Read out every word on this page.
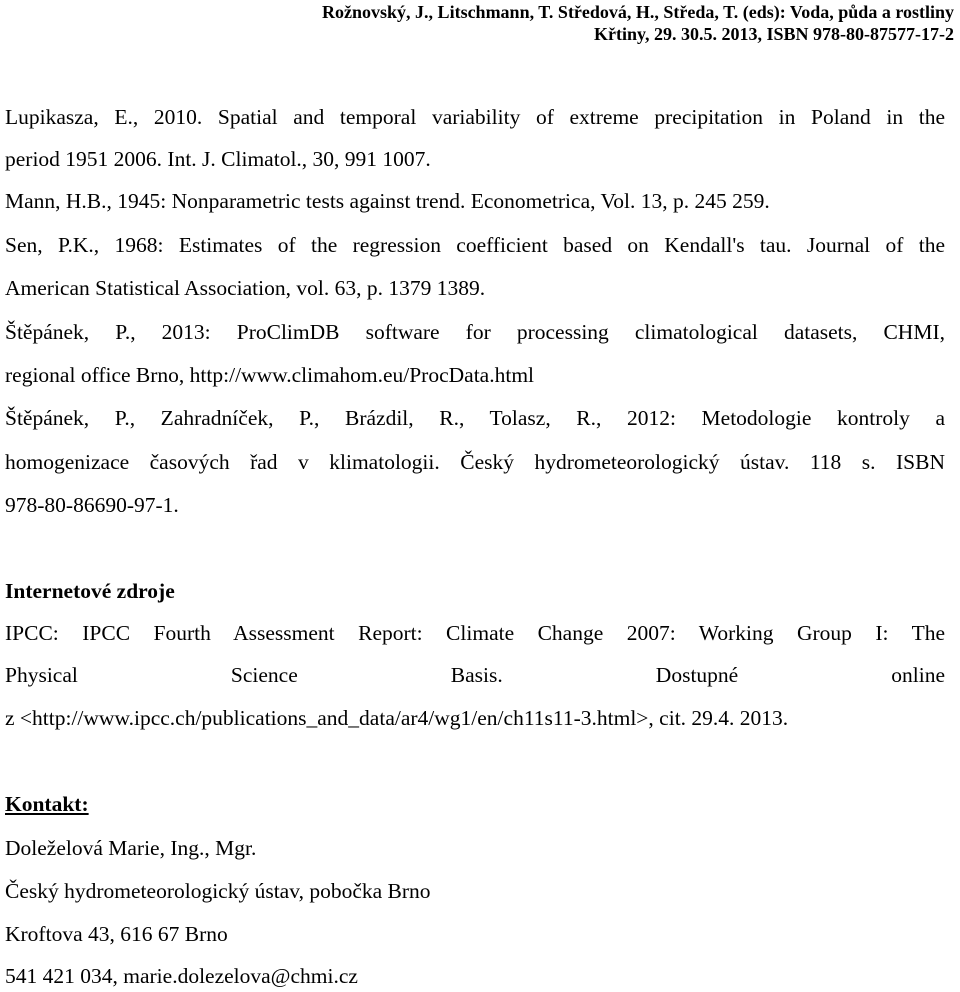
Rožnovský, J., Litschmann, T. Středová, H., Středa, T. (eds): Voda, půda a rostliny
Křtiny, 29. 30.5. 2013, ISBN 978-80-87577-17-2
Lupikasza, E., 2010. Spatial and temporal variability of extreme precipitation in Poland in the
period 1951 2006. Int. J. Climatol., 30, 991 1007.
Mann, H.B., 1945: Nonparametric tests against trend. Econometrica, Vol. 13, p. 245 259.
Sen, P.K., 1968: Estimates of the regression coefficient based on Kendall's tau. Journal of the
American Statistical Association, vol. 63, p. 1379 1389.
Štěpánek, P., 2013: ProClimDB software for processing climatological datasets, CHMI,
regional office Brno, http://www.climahom.eu/ProcData.html
Štěpánek, P., Zahradníček, P., Brázdil, R., Tolasz, R., 2012: Metodologie kontroly a
homogenizace časových řad v klimatologii. Český hydrometeorologický ústav. 118 s. ISBN
978-80-86690-97-1.
Internetové zdroje
IPCC: IPCC Fourth Assessment Report: Climate Change 2007: Working Group I: The
Physical Science Basis. Dostupné online
z <http://www.ipcc.ch/publications_and_data/ar4/wg1/en/ch11s11-3.html>, cit. 29.4. 2013.
Kontakt:
Doleželová Marie, Ing., Mgr.
Český hydrometeorologický ústav, pobočka Brno
Kroftova 43, 616 67 Brno
541 421 034, marie.dolezelova@chmi.cz
